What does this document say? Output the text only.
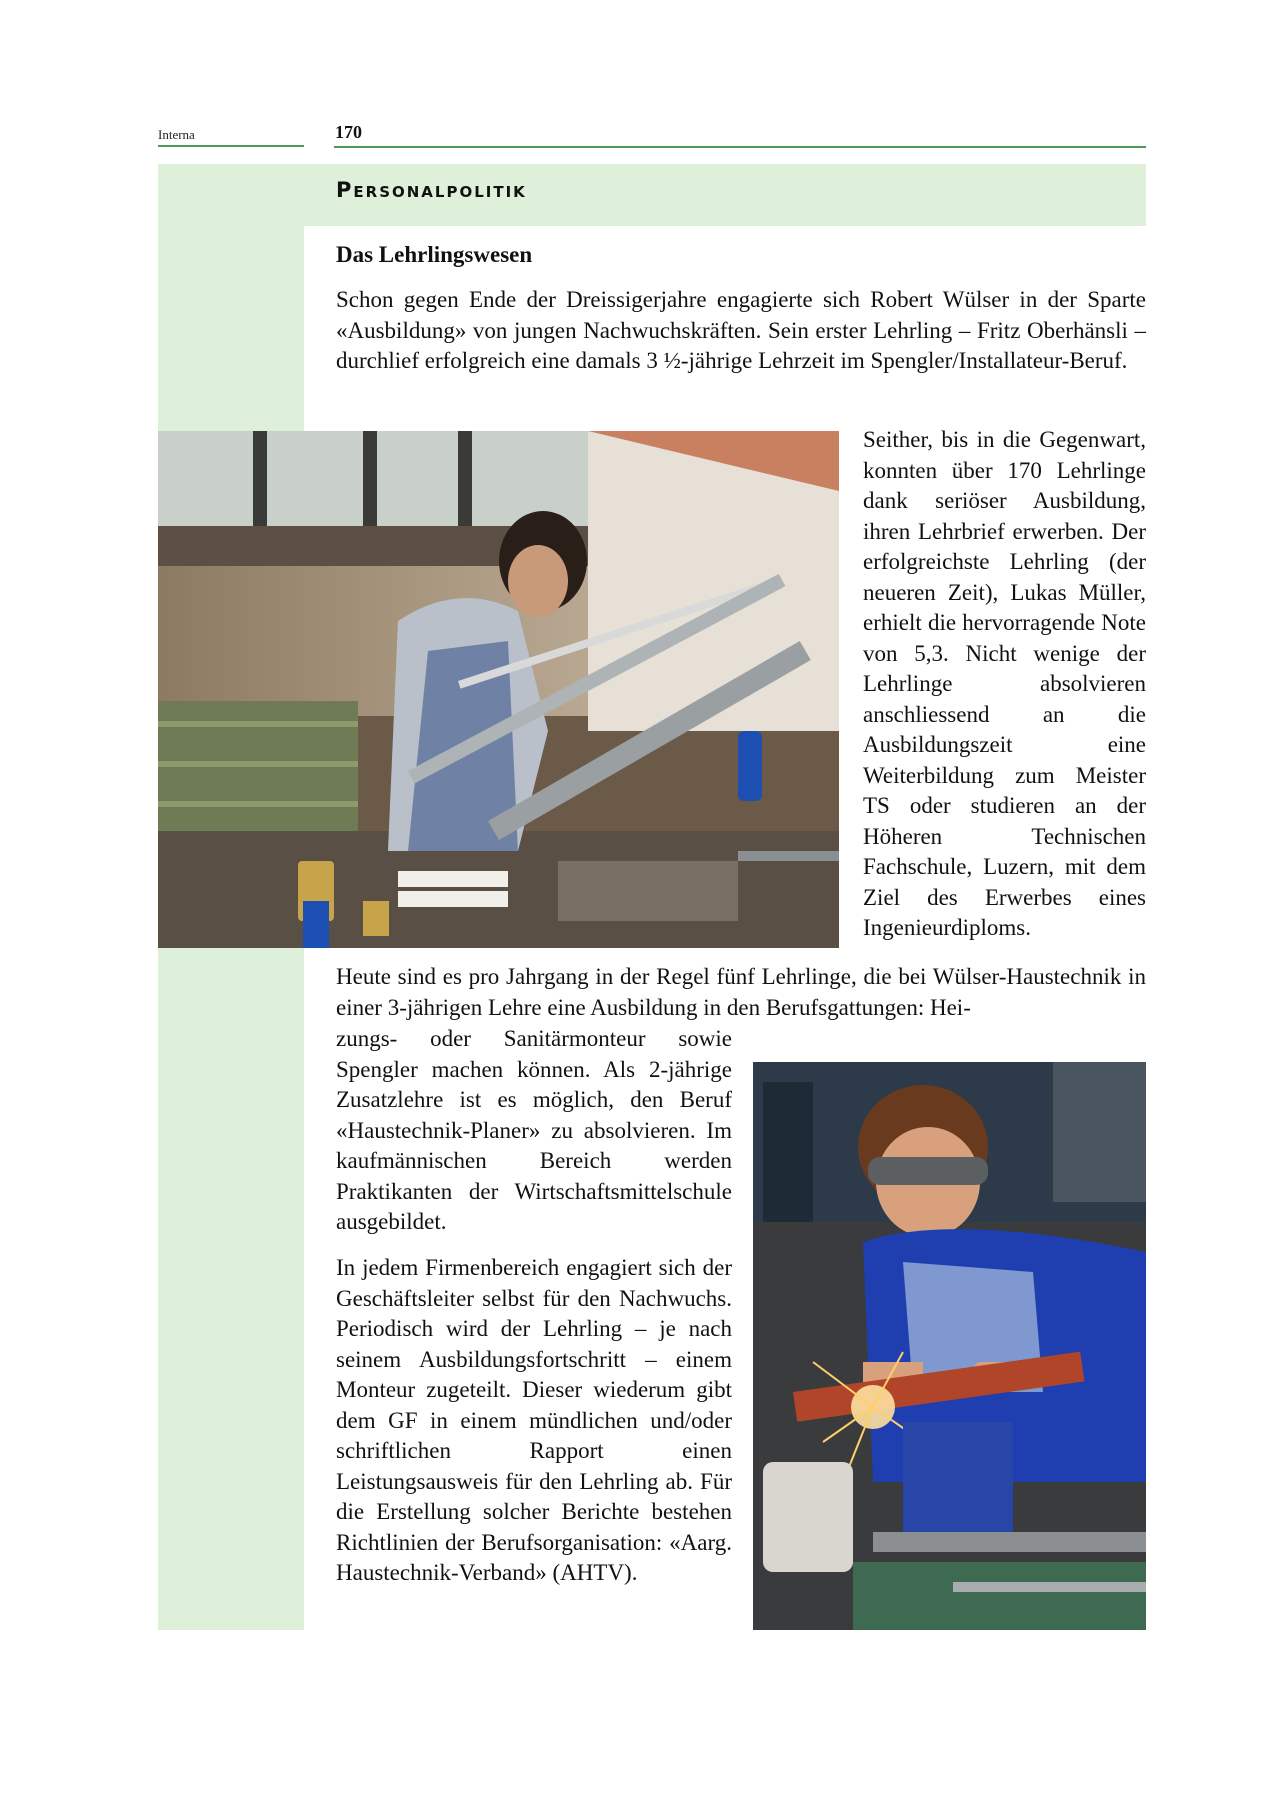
Interna	170
Personalpolitik
Das Lehrlingswesen

Schon gegen Ende der Dreissigerjahre engagierte sich Robert Wülser in der Sparte «Ausbildung» von jungen Nachwuchskräften. Sein erster Lehrling – Fritz Oberhänsli – durchlief erfolgreich eine damals 3 ½-jährige Lehrzeit im Spengler/Installateur-Beruf.

Seither, bis in die Gegenwart, konnten über 170 Lehrlinge dank seriöser Ausbildung, ihren Lehrbrief erwerben. Der erfolgreichste Lehrling (der neueren Zeit), Lukas Müller, erhielt die hervorragende Note von 5,3. Nicht wenige der Lehrlinge absolvieren anschliessend an die Ausbildungszeit eine Weiterbildung zum Meister TS oder studieren an der Höheren Technischen Fachschule, Luzern, mit dem Ziel des Erwerbes eines Ingenieurdiploms.

Heute sind es pro Jahrgang in der Regel fünf Lehrlinge, die bei Wülser-Haustechnik in einer 3-jährigen Lehre eine Ausbildung in den Berufsgattungen: Hei-

zungs- oder Sanitärmonteur sowie Spengler machen können. Als 2-jährige Zusatzlehre ist es möglich, den Beruf «Haustechnik-Planer» zu absolvieren. Im kaufmännischen Bereich werden Praktikanten der Wirtschaftsmittelschule ausgebildet.

In jedem Firmenbereich engagiert sich der Geschäftsleiter selbst für den Nachwuchs. Periodisch wird der Lehrling – je nach seinem Ausbildungsfortschritt – einem Monteur zugeteilt. Dieser wiederum gibt dem GF in einem mündlichen und/oder schriftlichen Rapport einen Leistungsausweis für den Lehrling ab. Für die Erstellung solcher Berichte bestehen Richtlinien der Berufsorganisation: «Aarg. Haustechnik-Verband» (AHTV).
